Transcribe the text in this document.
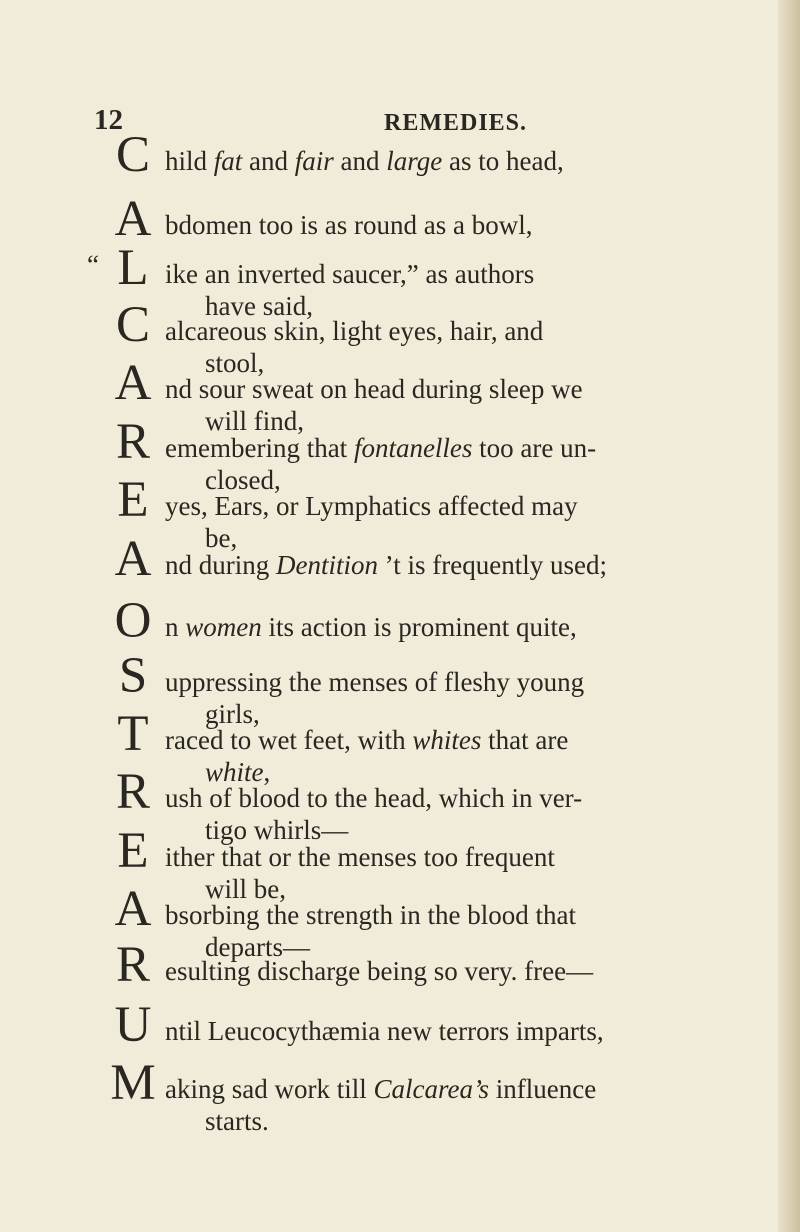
12	REMEDIES.
C hild fat and fair and large as to head,
A bdomen too is as round as a bowl,
L
“ ike an inverted saucer,” as authors
have said,
C alcareous skin, light eyes, hair, and
stool,
A nd sour sweat on head during sleep we
will find,
R emembering that fontanelles too are un-
closed,
E yes, Ears, or Lymphatics affected may
be,
A nd during Dentition ’t is frequently used;
O n women its action is prominent quite,
S uppressing the menses of fleshy young
girls,
T raced to wet feet, with whites that are
white,
R ush of blood to the head, which in ver-
tigo whirls—
E ither that or the menses too frequent
will be,
A bsorbing the strength in the blood that
departs—
R esulting discharge being so very. free—
U ntil Leucocythæmia new terrors imparts,
M aking sad work till Calcarea’s influence
starts.
